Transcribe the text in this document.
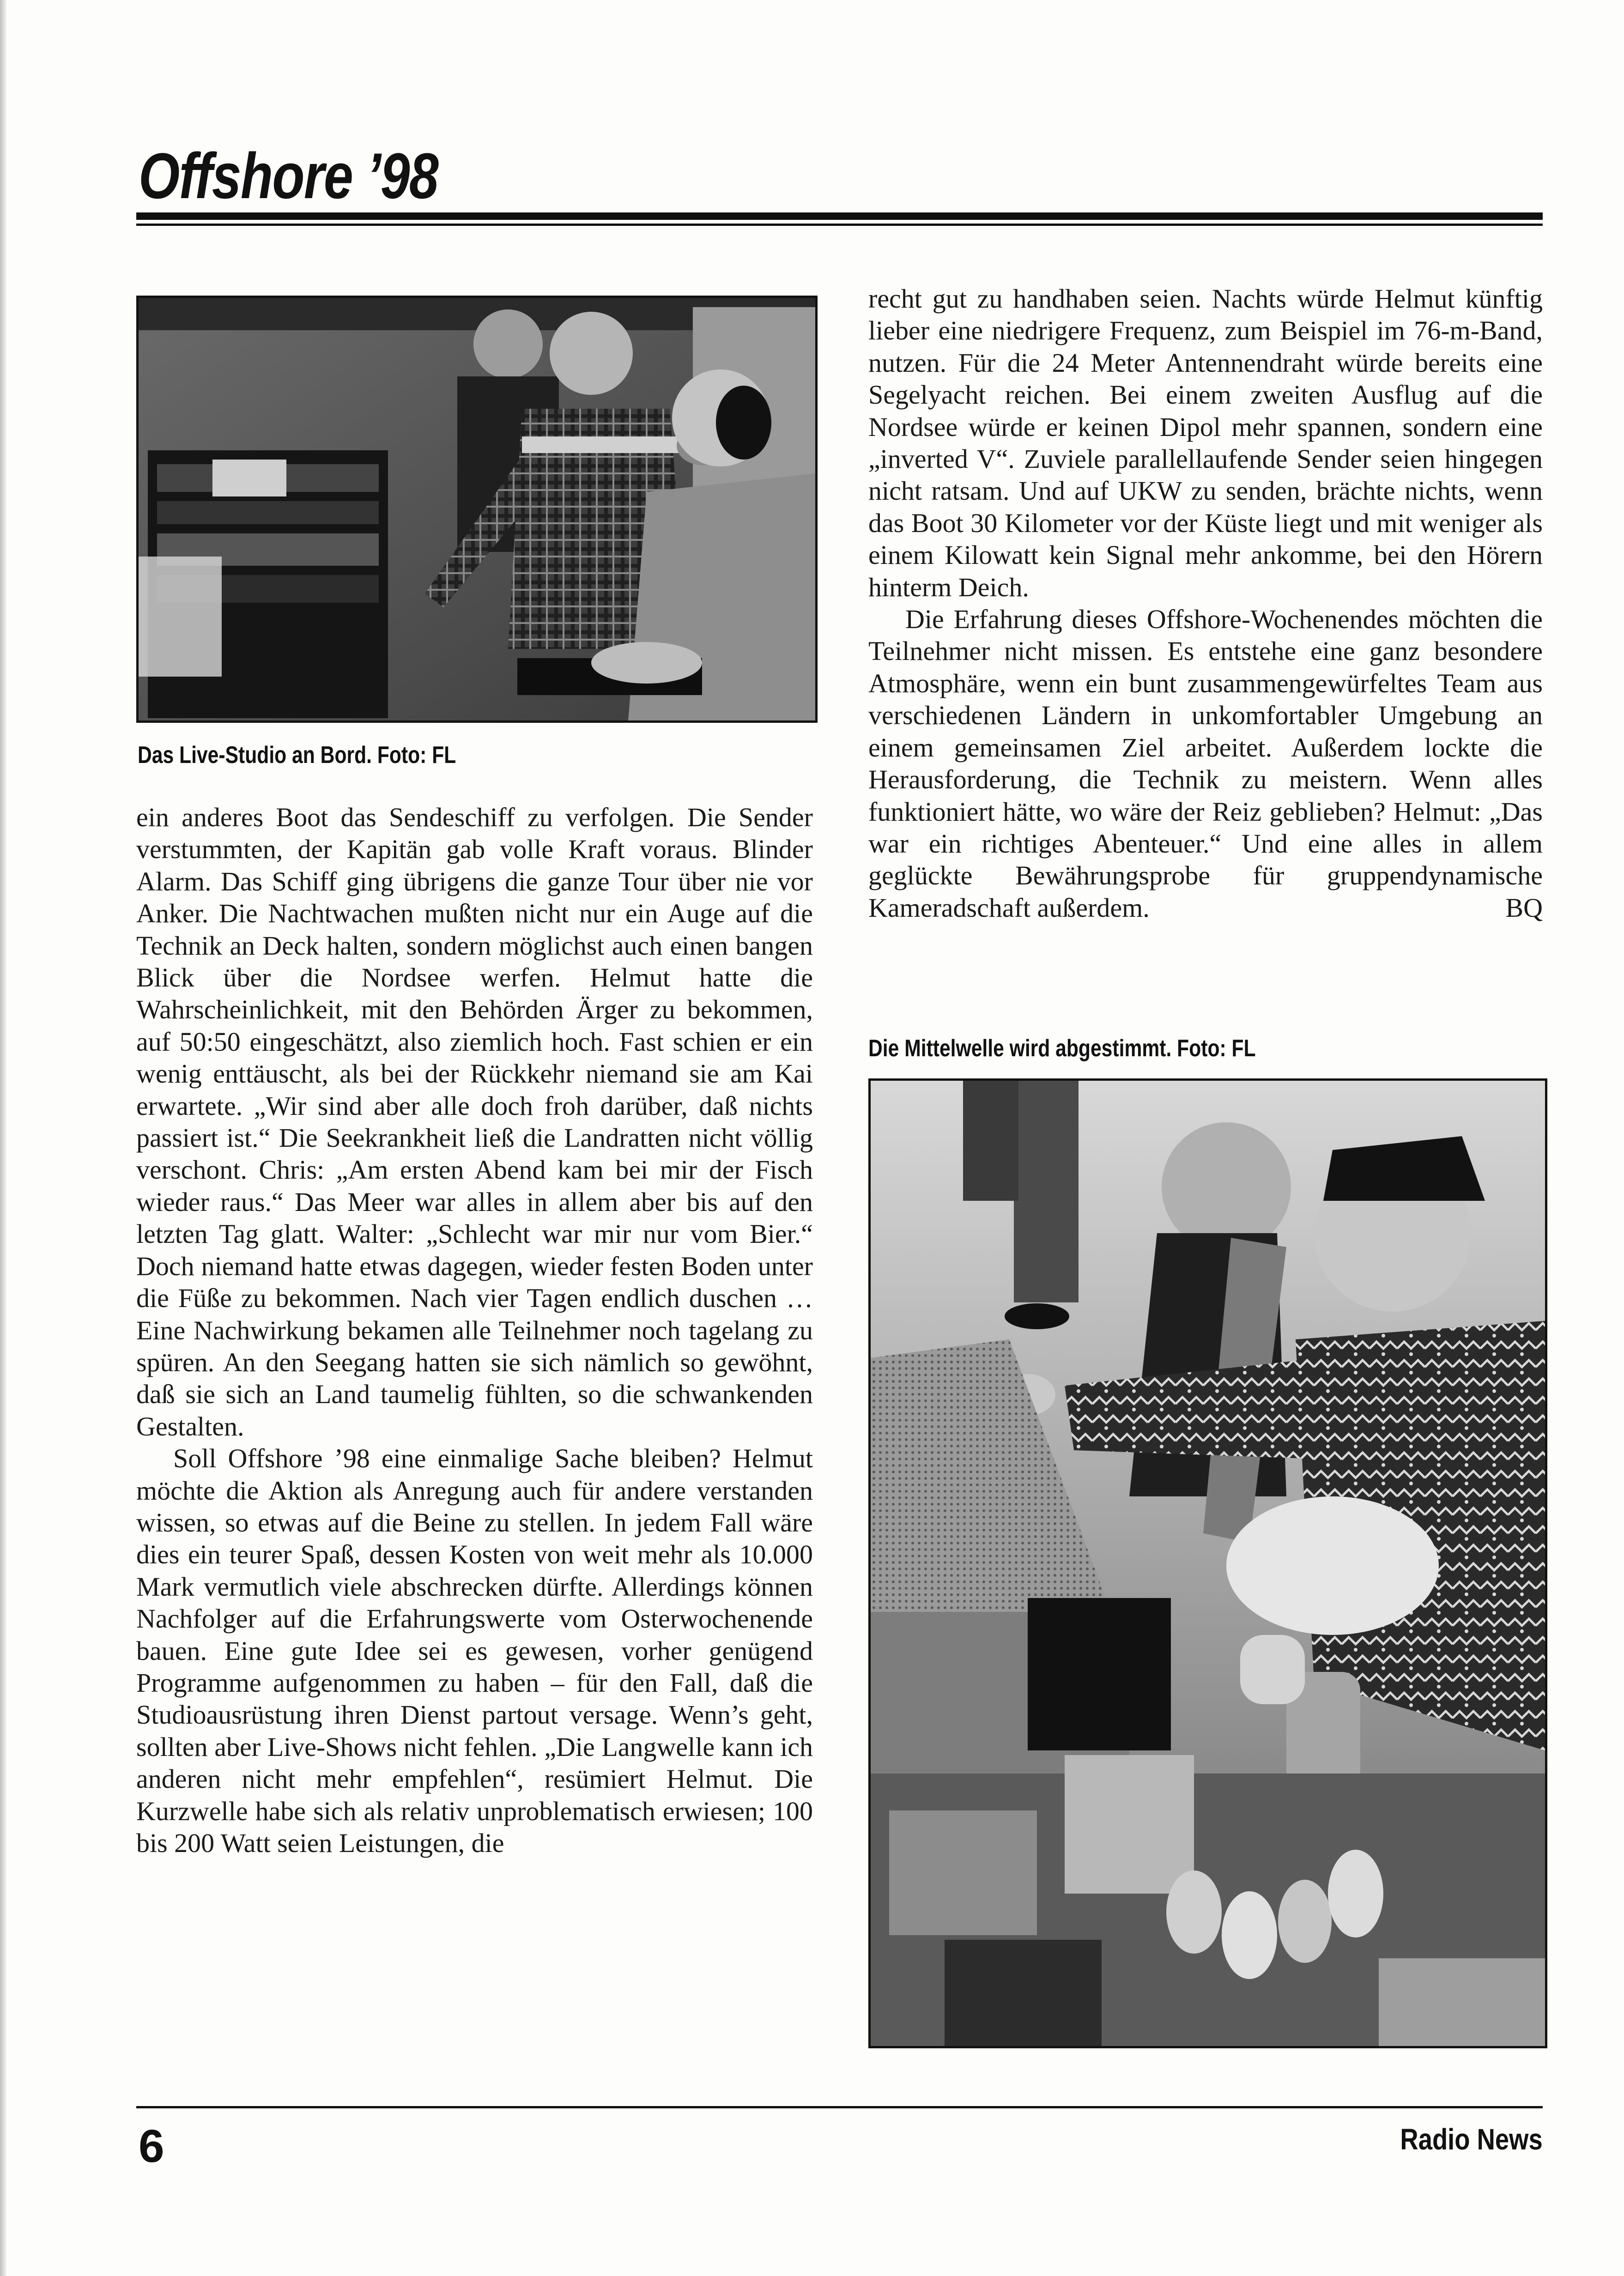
Offshore ’98
Das Live-Studio an Bord. Foto: FL

ein anderes Boot das Sendeschiff zu verfolgen. Die Sender verstummten, der Kapitän gab volle Kraft voraus. Blinder Alarm. Das Schiff ging übrigens die ganze Tour über nie vor Anker. Die Nachtwachen mußten nicht nur ein Auge auf die Technik an Deck halten, sondern möglichst auch einen bangen Blick über die Nordsee werfen. Helmut hatte die Wahrscheinlichkeit, mit den Behörden Ärger zu bekommen, auf 50:50 eingeschätzt, also ziemlich hoch. Fast schien er ein wenig enttäuscht, als bei der Rückkehr niemand sie am Kai erwartete. „Wir sind aber alle doch froh darüber, daß nichts passiert ist.“ Die Seekrankheit ließ die Landratten nicht völlig verschont. Chris: „Am ersten Abend kam bei mir der Fisch wieder raus.“ Das Meer war alles in allem aber bis auf den letzten Tag glatt. Walter: „Schlecht war mir nur vom Bier.“ Doch niemand hatte etwas dagegen, wieder festen Boden unter die Füße zu bekommen. Nach vier Tagen endlich duschen … Eine Nachwirkung bekamen alle Teilnehmer noch tagelang zu spüren. An den Seegang hatten sie sich nämlich so gewöhnt, daß sie sich an Land taumelig fühlten, so die schwankenden Gestalten.

Soll Offshore ’98 eine einmalige Sache bleiben? Helmut möchte die Aktion als Anregung auch für andere verstanden wissen, so etwas auf die Beine zu stellen. In jedem Fall wäre dies ein teurer Spaß, dessen Kosten von weit mehr als 10.000 Mark vermutlich viele abschrecken dürfte. Allerdings können Nachfolger auf die Erfahrungswerte vom Osterwochenende bauen. Eine gute Idee sei es gewesen, vorher genügend Programme aufgenommen zu haben – für den Fall, daß die Studioausrüstung ihren Dienst partout versage. Wenn’s geht, sollten aber Live-Shows nicht fehlen. „Die Langwelle kann ich anderen nicht mehr empfehlen“, resümiert Helmut. Die Kurzwelle habe sich als relativ unproblematisch erwiesen; 100 bis 200 Watt seien Leistungen, die

recht gut zu handhaben seien. Nachts würde Helmut künftig lieber eine niedrigere Frequenz, zum Beispiel im 76-m-Band, nutzen. Für die 24 Meter Antennendraht würde bereits eine Segelyacht reichen. Bei einem zweiten Ausflug auf die Nordsee würde er keinen Dipol mehr spannen, sondern eine „inverted V“. Zuviele parallellaufende Sender seien hingegen nicht ratsam. Und auf UKW zu senden, brächte nichts, wenn das Boot 30 Kilometer vor der Küste liegt und mit weniger als einem Kilowatt kein Signal mehr ankomme, bei den Hörern hinterm Deich.

Die Erfahrung dieses Offshore-Wochenendes möchten die Teilnehmer nicht missen. Es entstehe eine ganz besondere Atmosphäre, wenn ein bunt zusammengewürfeltes Team aus verschiedenen Ländern in unkomfortabler Umgebung an einem gemeinsamen Ziel arbeitet. Außerdem lockte die Herausforderung, die Technik zu meistern. Wenn alles funktioniert hätte, wo wäre der Reiz geblieben? Helmut: „Das war ein richtiges Abenteuer.“ Und eine alles in allem geglückte Bewährungsprobe für gruppendynamische Kameradschaft außerdem.	BQ

Die Mittelwelle wird abgestimmt. Foto: FL
6	Radio News
